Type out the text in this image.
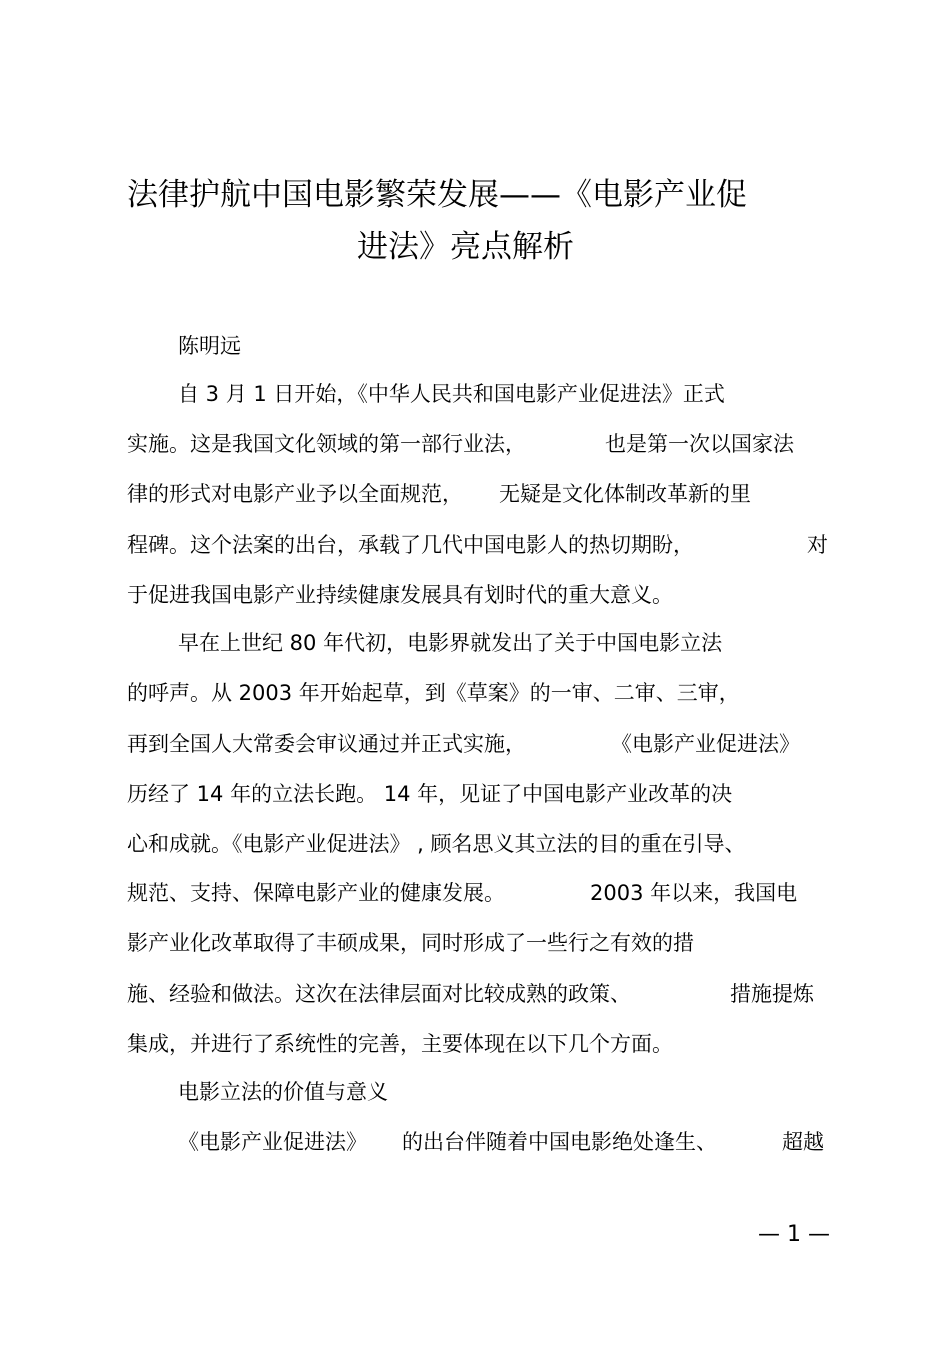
法律护航中国电影繁荣发展——《电影产业促
进法》亮点解析
陈明远
自 3 月 1 日开始，《中华人民共和国电影产业促进法》正式
实施。这是我国文化领域的第一部行业法，	也是第一次以国家法
律的形式对电影产业予以全面规范， 无疑是文化体制改革新的里
程碑。这个法案的出台，承载了几代中国电影人的热切期盼，	对
于促进我国电影产业持续健康发展具有划时代的重大意义。
早在上世纪 80 年代初，电影界就发出了关于中国电影立法
的呼声。从 2003 年开始起草，到《草案》的一审、二审、三审，
再到全国人大常委会审议通过并正式实施，	《电影产业促进法》
历经了 14 年的立法长跑。 14 年，见证了中国电影产业改革的决
心和成就。《电影产业促进法》 , 顾名思义其立法的目的重在引导、
规范、支持、保障电影产业的健康发展。	2003 年以来，我国电
影产业化改革取得了丰硕成果，同时形成了一些行之有效的措
施、经验和做法。这次在法律层面对比较成熟的政策、	措施提炼
集成，并进行了系统性的完善，主要体现在以下几个方面。
电影立法的价值与意义
《电影产业促进法》 的出台伴随着中国电影绝处逢生、	超越
— 1 —
